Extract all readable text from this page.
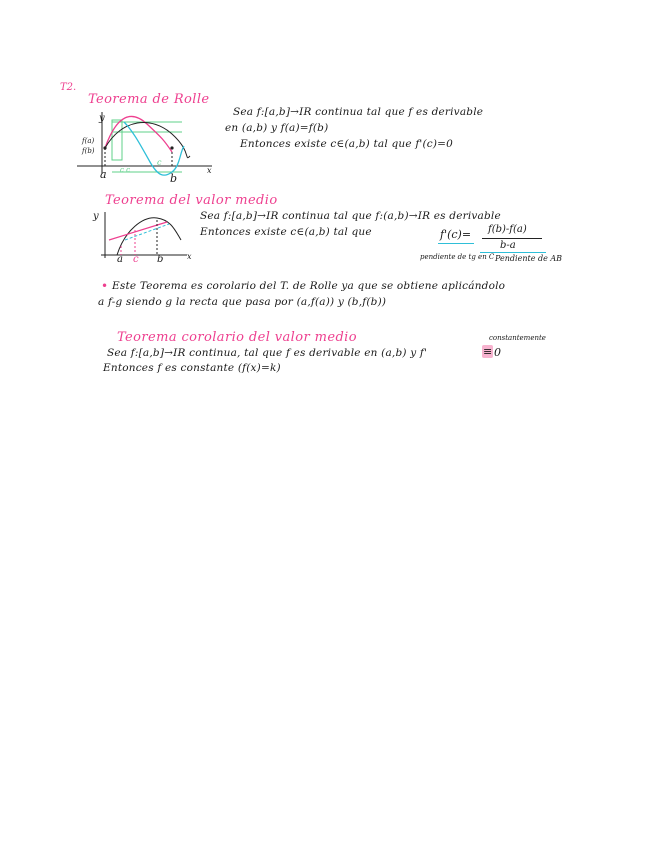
T2.
Teorema de Rolle
y
f(a)
f(b)
a c c
c
b
x
Sea f:[a,b]→IR continua tal que f es derivable
en (a,b) y f(a)=f(b)
Entonces existe c∈(a,b) tal que f'(c)=0
Teorema del valor medio
y
a c b	x
Sea f:[a,b]→IR continua tal que f:(a,b)→IR es derivable
Entonces existe c∈(a,b) tal que	f'(c)= f(b)-f(a)
b-a
pendiente de tg en C Pendiente de AB
• Este Teorema es corolario del T. de Rolle ya que se obtiene aplicándolo
a f-g siendo g la recta que pasa por (a,f(a)) y (b,f(b))
Teorema corolario del valor medio	constantemente
Sea f:[a,b]→IR continua, tal que f es derivable en (a,b) y f'	≡ 0
Entonces f es constante (f(x)=k)
